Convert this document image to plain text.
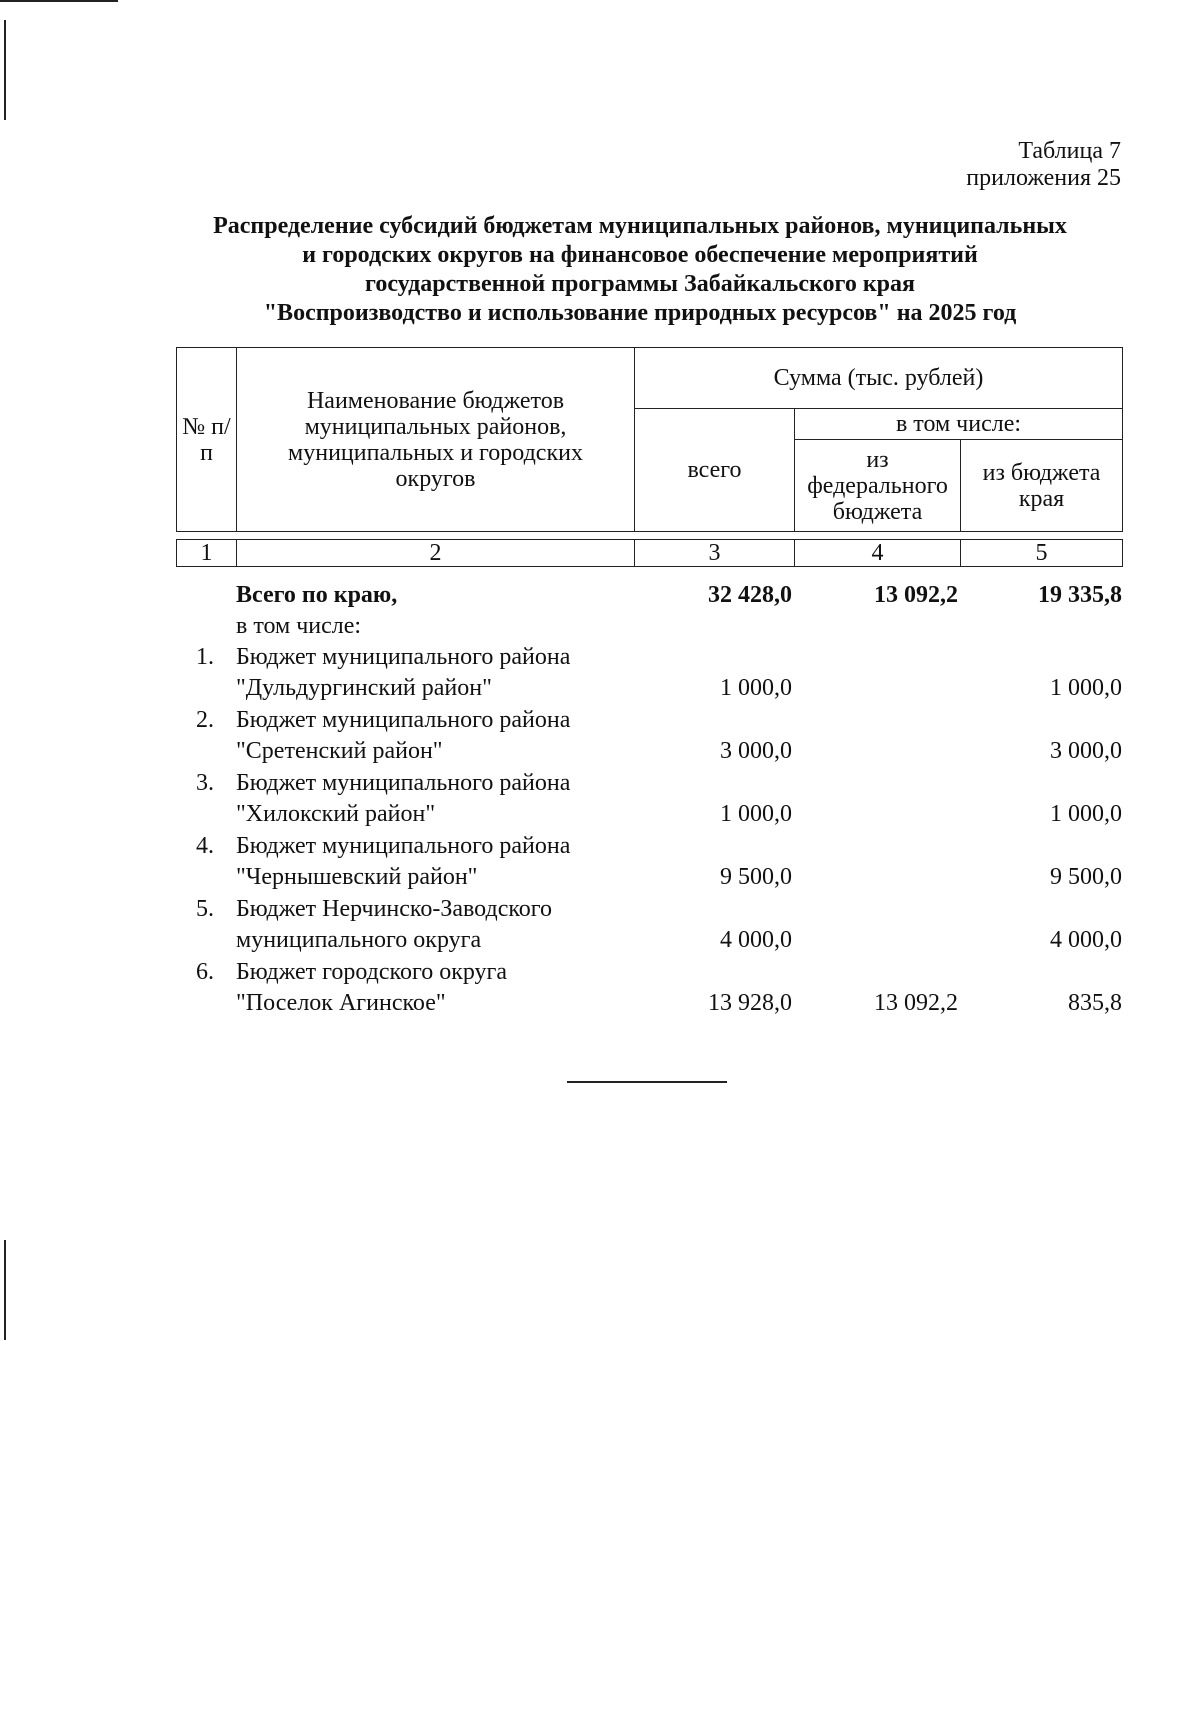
Таблица 7
приложения 25
Распределение субсидий бюджетам муниципальных районов, муниципальных
и городских округов на финансовое обеспечение мероприятий
государственной программы Забайкальского края
"Воспроизводство и использование природных ресурсов" на 2025 год
№ п/п	Наименование бюджетов муниципальных районов, муниципальных и городских округов	Сумма (тыс. рублей)		
		всего	в том числе:	
			из федерального бюджета	из бюджета края

1	2	3	4	5
Всего по краю,	32 428,0	13 092,2	19 335,8
в том числе:
1. Бюджет муниципального района
"Дульдургинский район"	1 000,0	1 000,0
2. Бюджет муниципального района
"Сретенский район"	3 000,0	3 000,0
3. Бюджет муниципального района
"Хилокский район"	1 000,0	1 000,0
4. Бюджет муниципального района
"Чернышевский район"	9 500,0	9 500,0
5. Бюджет Нерчинско-Заводского
муниципального округа	4 000,0	4 000,0
6. Бюджет городского округа
"Поселок Агинское"	13 928,0	13 092,2	835,8
